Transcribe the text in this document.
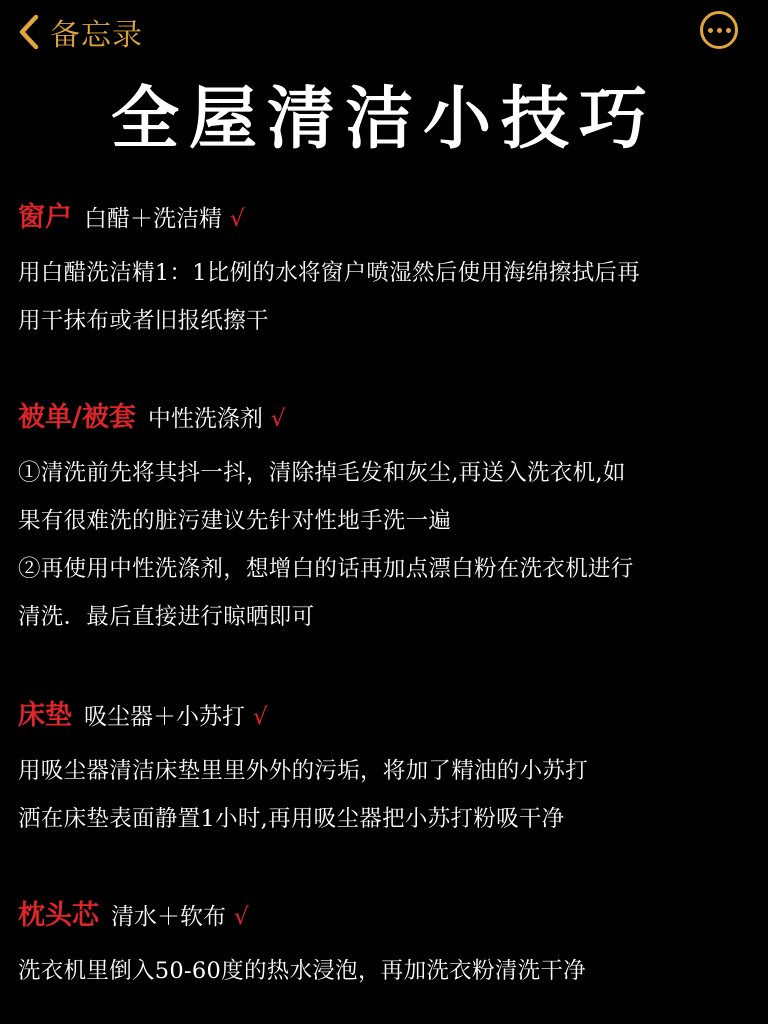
备忘录
全屋清洁小技巧
窗户 白醋＋洗洁精 √
用白醋洗洁精1：1比例的水将窗户喷湿然后使用海绵擦拭后再
用干抹布或者旧报纸擦干
被单/被套 中性洗涤剂 √
①清洗前先将其抖一抖，清除掉毛发和灰尘,再送入洗衣机,如
果有很难洗的脏污建议先针对性地手洗一遍
②再使用中性洗涤剂，想增白的话再加点漂白粉在洗衣机进行
清洗．最后直接进行晾晒即可
床垫 吸尘器＋小苏打 √
用吸尘器清洁床垫里里外外的污垢，将加了精油的小苏打
洒在床垫表面静置1小时,再用吸尘器把小苏打粉吸干净
枕头芯 清水＋软布 √
洗衣机里倒入50-60度的热水浸泡，再加洗衣粉清洗干净
